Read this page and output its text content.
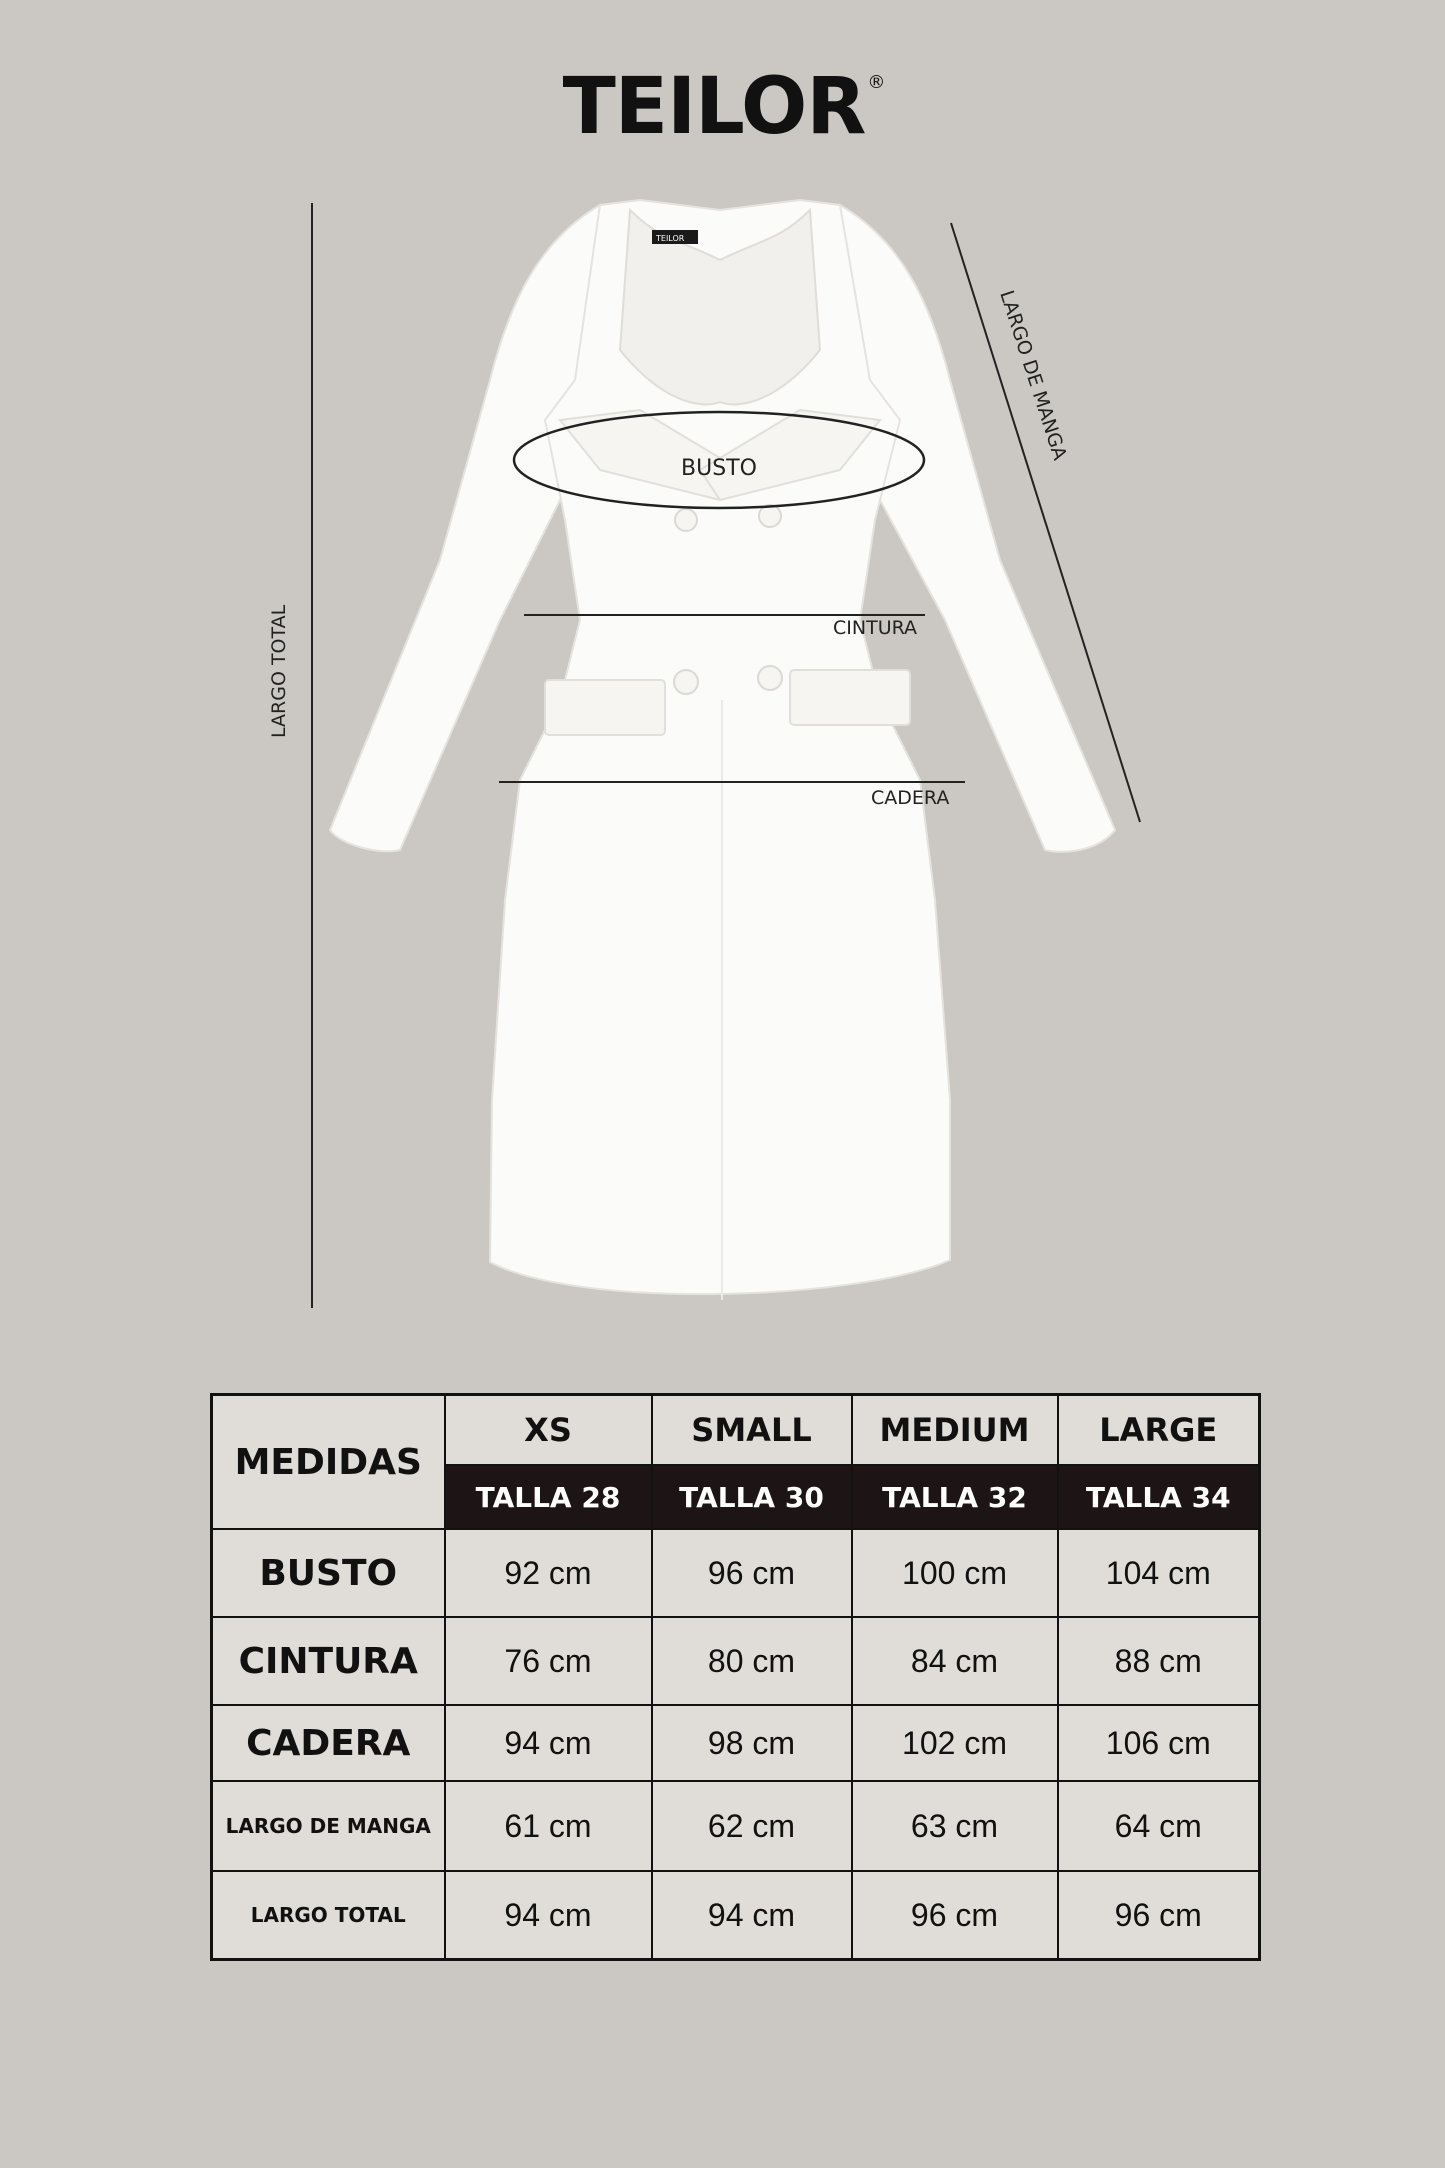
TEILOR ®
TEILOR
LARGO TOTAL
LARGO DE MANGA
BUSTO
CINTURA
CADERA
MEDIDAS	XS	SMALL	MEDIUM	LARGE
	TALLA 28	TALLA 30	TALLA 32	TALLA 34
BUSTO	92 cm	96 cm	100 cm	104 cm
CINTURA	76 cm	80 cm	84 cm	88 cm
CADERA	94 cm	98 cm	102 cm	106 cm
LARGO DE MANGA	61 cm	62 cm	63 cm	64 cm
LARGO TOTAL	94 cm	94 cm	96 cm	96 cm
